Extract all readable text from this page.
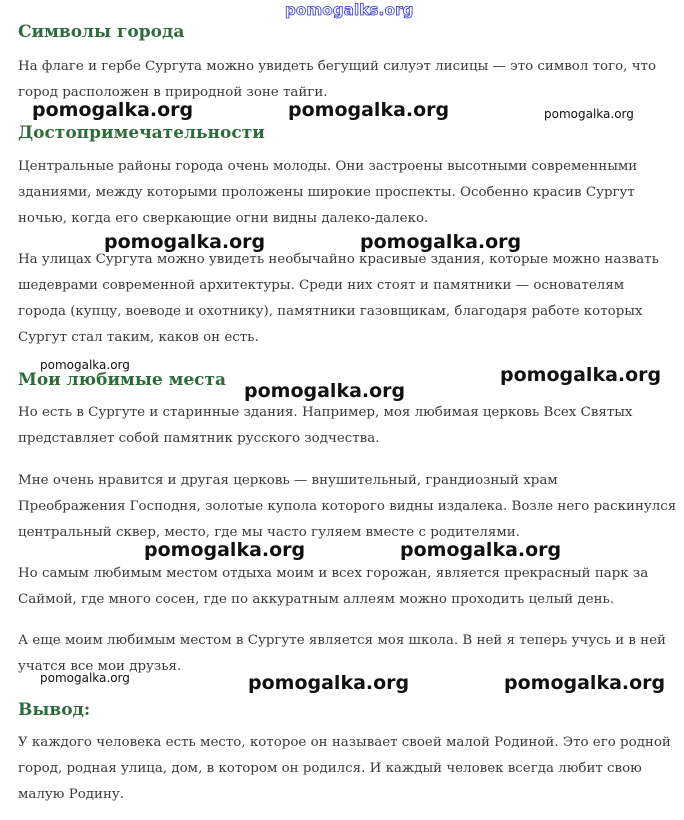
pomogalks.org
Символы города

На флаге и гербе Сургута можно увидеть бегущий силуэт лисицы — это символ того, что
город расположен в природной зоне тайги.

Достопримечательности

Центральные районы города очень молоды. Они застроены высотными современными
зданиями, между которыми проложены широкие проспекты. Особенно красив Сургут
ночью, когда его сверкающие огни видны далеко-далеко.

На улицах Сургута можно увидеть необычайно красивые здания, которые можно назвать
шедеврами современной архитектуры. Среди них стоят и памятники — основателям
города (купцу, воеводе и охотнику), памятники газовщикам, благодаря работе которых
Сургут стал таким, каков он есть.

Мои любимые места

Но есть в Сургуте и старинные здания. Например, моя любимая церковь Всех Святых
представляет собой памятник русского зодчества.

Мне очень нравится и другая церковь — внушительный, грандиозный храм
Преображения Господня, золотые купола которого видны издалека. Возле него раскинулся
центральный сквер, место, где мы часто гуляем вместе с родителями.

Но самым любимым местом отдыха моим и всех горожан, является прекрасный парк за
Саймой, где много сосен, где по аккуратным аллеям можно проходить целый день.

А еще моим любимым местом в Сургуте является моя школа. В ней я теперь учусь и в ней
учатся все мои друзья.

Вывод:

У каждого человека есть место, которое он называет своей малой Родиной. Это его родной
город, родная улица, дом, в котором он родился. И каждый человек всегда любит свою
малую Родину.

pomogalka.org	pomogalka.org	pomogalka.org
pomogalka.org	pomogalka.org
pomogalka.org	pomogalka.org
pomogalka.org
pomogalka.org	pomogalka.org
pomogalka.org	pomogalka.org	pomogalka.org
